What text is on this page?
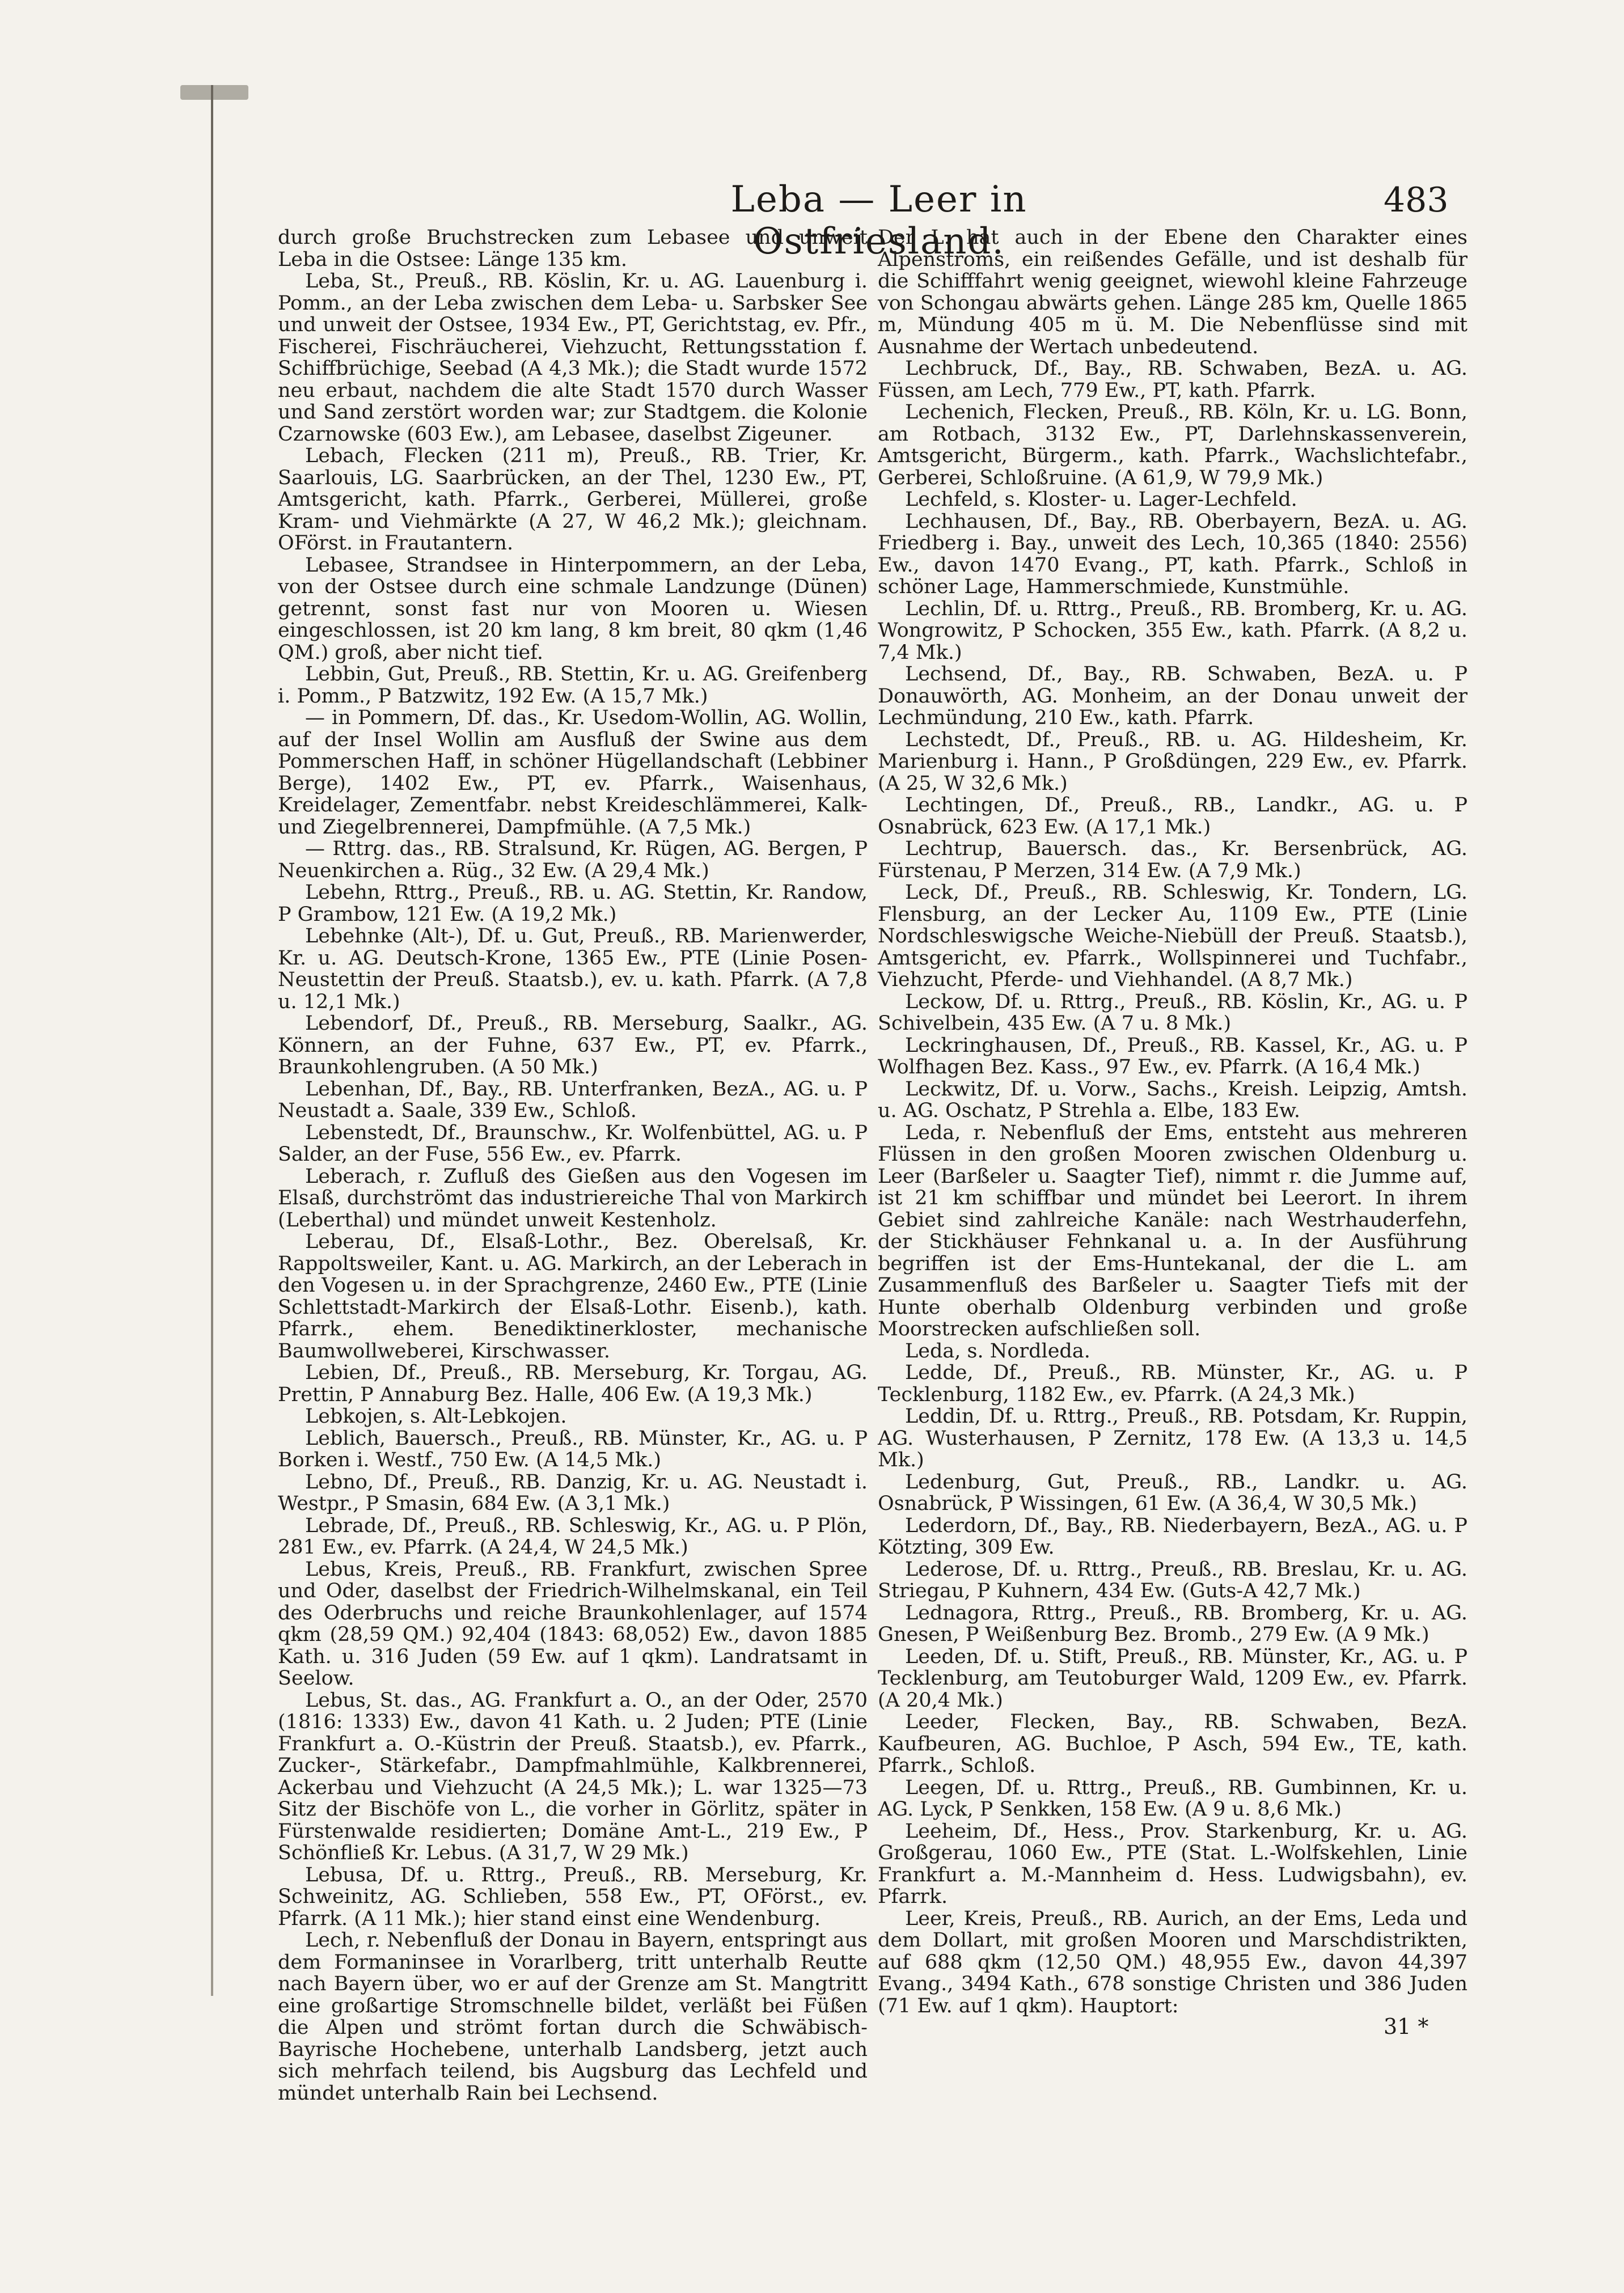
Leba — Leer in Ostfriesland.
483

durch große Bruchstrecken zum Lebasee und unweit Leba in die Ostsee: Länge 135 km.

Leba, St., Preuß., RB. Köslin, Kr. u. AG. Lauenburg i. Pomm., an der Leba zwischen dem Leba- u. Sarbsker See und unweit der Ostsee, 1934 Ew., PT, Gerichtstag, ev. Pfr., Fischerei, Fischräucherei, Viehzucht, Rettungsstation f. Schiffbrüchige, Seebad (A 4,3 Mk.); die Stadt wurde 1572 neu erbaut, nachdem die alte Stadt 1570 durch Wasser und Sand zerstört worden war; zur Stadtgem. die Kolonie Czarnowske (603 Ew.), am Lebasee, daselbst Zigeuner.

Lebach, Flecken (211 m), Preuß., RB. Trier, Kr. Saarlouis, LG. Saarbrücken, an der Thel, 1230 Ew., PT, Amtsgericht, kath. Pfarrk., Gerberei, Müllerei, große Kram- und Viehmärkte (A 27, W 46,2 Mk.); gleichnam. OFörst. in Frautantern.

Lebasee, Strandsee in Hinterpommern, an der Leba, von der Ostsee durch eine schmale Landzunge (Dünen) getrennt, sonst fast nur von Mooren u. Wiesen eingeschlossen, ist 20 km lang, 8 km breit, 80 qkm (1,46 QM.) groß, aber nicht tief.

Lebbin, Gut, Preuß., RB. Stettin, Kr. u. AG. Greifenberg i. Pomm., P Batzwitz, 192 Ew. (A 15,7 Mk.)

— in Pommern, Df. das., Kr. Usedom-Wollin, AG. Wollin, auf der Insel Wollin am Ausfluß der Swine aus dem Pommerschen Haff, in schöner Hügellandschaft (Lebbiner Berge), 1402 Ew., PT, ev. Pfarrk., Waisenhaus, Kreidelager, Zementfabr. nebst Kreideschlämmerei, Kalk- und Ziegelbrennerei, Dampfmühle. (A 7,5 Mk.)

— Rttrg. das., RB. Stralsund, Kr. Rügen, AG. Bergen, P Neuenkirchen a. Rüg., 32 Ew. (A 29,4 Mk.)

Lebehn, Rttrg., Preuß., RB. u. AG. Stettin, Kr. Randow, P Grambow, 121 Ew. (A 19,2 Mk.)

Lebehnke (Alt-), Df. u. Gut, Preuß., RB. Marienwerder, Kr. u. AG. Deutsch-Krone, 1365 Ew., PTE (Linie Posen-Neustettin der Preuß. Staatsb.), ev. u. kath. Pfarrk. (A 7,8 u. 12,1 Mk.)

Lebendorf, Df., Preuß., RB. Merseburg, Saalkr., AG. Könnern, an der Fuhne, 637 Ew., PT, ev. Pfarrk., Braunkohlengruben. (A 50 Mk.)

Lebenhan, Df., Bay., RB. Unterfranken, BezA., AG. u. P Neustadt a. Saale, 339 Ew., Schloß.

Lebenstedt, Df., Braunschw., Kr. Wolfenbüttel, AG. u. P Salder, an der Fuse, 556 Ew., ev. Pfarrk.

Leberach, r. Zufluß des Gießen aus den Vogesen im Elsaß, durchströmt das industriereiche Thal von Markirch (Leberthal) und mündet unweit Kestenholz.

Leberau, Df., Elsaß-Lothr., Bez. Oberelsaß, Kr. Rappoltsweiler, Kant. u. AG. Markirch, an der Leberach in den Vogesen u. in der Sprachgrenze, 2460 Ew., PTE (Linie Schlettstadt-Markirch der Elsaß-Lothr. Eisenb.), kath. Pfarrk., ehem. Benediktinerkloster, mechanische Baumwollweberei, Kirschwasser.

Lebien, Df., Preuß., RB. Merseburg, Kr. Torgau, AG. Prettin, P Annaburg Bez. Halle, 406 Ew. (A 19,3 Mk.)

Lebkojen, s. Alt-Lebkojen.

Leblich, Bauersch., Preuß., RB. Münster, Kr., AG. u. P Borken i. Westf., 750 Ew. (A 14,5 Mk.)

Lebno, Df., Preuß., RB. Danzig, Kr. u. AG. Neustadt i. Westpr., P Smasin, 684 Ew. (A 3,1 Mk.)

Lebrade, Df., Preuß., RB. Schleswig, Kr., AG. u. P Plön, 281 Ew., ev. Pfarrk. (A 24,4, W 24,5 Mk.)

Lebus, Kreis, Preuß., RB. Frankfurt, zwischen Spree und Oder, daselbst der Friedrich-Wilhelmskanal, ein Teil des Oderbruchs und reiche Braunkohlenlager, auf 1574 qkm (28,59 QM.) 92,404 (1843: 68,052) Ew., davon 1885 Kath. u. 316 Juden (59 Ew. auf 1 qkm). Landratsamt in Seelow.

Lebus, St. das., AG. Frankfurt a. O., an der Oder, 2570 (1816: 1333) Ew., davon 41 Kath. u. 2 Juden; PTE (Linie Frankfurt a. O.-Küstrin der Preuß. Staatsb.), ev. Pfarrk., Zucker-, Stärkefabr., Dampfmahlmühle, Kalkbrennerei, Ackerbau und Viehzucht (A 24,5 Mk.); L. war 1325—73 Sitz der Bischöfe von L., die vorher in Görlitz, später in Fürstenwalde residierten; Domäne Amt-L., 219 Ew., P Schönfließ Kr. Lebus. (A 31,7, W 29 Mk.)

Lebusa, Df. u. Rttrg., Preuß., RB. Merseburg, Kr. Schweinitz, AG. Schlieben, 558 Ew., PT, OFörst., ev. Pfarrk. (A 11 Mk.); hier stand einst eine Wendenburg.

Lech, r. Nebenfluß der Donau in Bayern, entspringt aus dem Formaninsee in Vorarlberg, tritt unterhalb Reutte nach Bayern über, wo er auf der Grenze am St. Mangtritt eine großartige Stromschnelle bildet, verläßt bei Füßen die Alpen und strömt fortan durch die Schwäbisch-Bayrische Hochebene, unterhalb Landsberg, jetzt auch sich mehrfach teilend, bis Augsburg das Lechfeld und mündet unterhalb Rain bei Lechsend.

Der L. hat auch in der Ebene den Charakter eines Alpenstroms, ein reißendes Gefälle, und ist deshalb für die Schifffahrt wenig geeignet, wiewohl kleine Fahrzeuge von Schongau abwärts gehen. Länge 285 km, Quelle 1865 m, Mündung 405 m ü. M. Die Nebenflüsse sind mit Ausnahme der Wertach unbedeutend.

Lechbruck, Df., Bay., RB. Schwaben, BezA. u. AG. Füssen, am Lech, 779 Ew., PT, kath. Pfarrk.

Lechenich, Flecken, Preuß., RB. Köln, Kr. u. LG. Bonn, am Rotbach, 3132 Ew., PT, Darlehnskassenverein, Amtsgericht, Bürgerm., kath. Pfarrk., Wachslichtefabr., Gerberei, Schloßruine. (A 61,9, W 79,9 Mk.)

Lechfeld, s. Kloster- u. Lager-Lechfeld.

Lechhausen, Df., Bay., RB. Oberbayern, BezA. u. AG. Friedberg i. Bay., unweit des Lech, 10,365 (1840: 2556) Ew., davon 1470 Evang., PT, kath. Pfarrk., Schloß in schöner Lage, Hammerschmiede, Kunstmühle.

Lechlin, Df. u. Rttrg., Preuß., RB. Bromberg, Kr. u. AG. Wongrowitz, P Schocken, 355 Ew., kath. Pfarrk. (A 8,2 u. 7,4 Mk.)

Lechsend, Df., Bay., RB. Schwaben, BezA. u. P Donauwörth, AG. Monheim, an der Donau unweit der Lechmündung, 210 Ew., kath. Pfarrk.

Lechstedt, Df., Preuß., RB. u. AG. Hildesheim, Kr. Marienburg i. Hann., P Großdüngen, 229 Ew., ev. Pfarrk. (A 25, W 32,6 Mk.)

Lechtingen, Df., Preuß., RB., Landkr., AG. u. P Osnabrück, 623 Ew. (A 17,1 Mk.)

Lechtrup, Bauersch. das., Kr. Bersenbrück, AG. Fürstenau, P Merzen, 314 Ew. (A 7,9 Mk.)

Leck, Df., Preuß., RB. Schleswig, Kr. Tondern, LG. Flensburg, an der Lecker Au, 1109 Ew., PTE (Linie Nordschleswigsche Weiche-Niebüll der Preuß. Staatsb.), Amtsgericht, ev. Pfarrk., Wollspinnerei und Tuchfabr., Viehzucht, Pferde- und Viehhandel. (A 8,7 Mk.)

Leckow, Df. u. Rttrg., Preuß., RB. Köslin, Kr., AG. u. P Schivelbein, 435 Ew. (A 7 u. 8 Mk.)

Leckringhausen, Df., Preuß., RB. Kassel, Kr., AG. u. P Wolfhagen Bez. Kass., 97 Ew., ev. Pfarrk. (A 16,4 Mk.)

Leckwitz, Df. u. Vorw., Sachs., Kreish. Leipzig, Amtsh. u. AG. Oschatz, P Strehla a. Elbe, 183 Ew.

Leda, r. Nebenfluß der Ems, entsteht aus mehreren Flüssen in den großen Mooren zwischen Oldenburg u. Leer (Barßeler u. Saagter Tief), nimmt r. die Jumme auf, ist 21 km schiffbar und mündet bei Leerort. In ihrem Gebiet sind zahlreiche Kanäle: nach Westrhauderfehn, der Stickhäuser Fehnkanal u. a. In der Ausführung begriffen ist der Ems-Huntekanal, der die L. am Zusammenfluß des Barßeler u. Saagter Tiefs mit der Hunte oberhalb Oldenburg verbinden und große Moorstrecken aufschließen soll.

Leda, s. Nordleda.

Ledde, Df., Preuß., RB. Münster, Kr., AG. u. P Tecklenburg, 1182 Ew., ev. Pfarrk. (A 24,3 Mk.)

Leddin, Df. u. Rttrg., Preuß., RB. Potsdam, Kr. Ruppin, AG. Wusterhausen, P Zernitz, 178 Ew. (A 13,3 u. 14,5 Mk.)

Ledenburg, Gut, Preuß., RB., Landkr. u. AG. Osnabrück, P Wissingen, 61 Ew. (A 36,4, W 30,5 Mk.)

Lederdorn, Df., Bay., RB. Niederbayern, BezA., AG. u. P Kötzting, 309 Ew.

Lederose, Df. u. Rttrg., Preuß., RB. Breslau, Kr. u. AG. Striegau, P Kuhnern, 434 Ew. (Guts-A 42,7 Mk.)

Lednagora, Rttrg., Preuß., RB. Bromberg, Kr. u. AG. Gnesen, P Weißenburg Bez. Bromb., 279 Ew. (A 9 Mk.)

Leeden, Df. u. Stift, Preuß., RB. Münster, Kr., AG. u. P Tecklenburg, am Teutoburger Wald, 1209 Ew., ev. Pfarrk. (A 20,4 Mk.)

Leeder, Flecken, Bay., RB. Schwaben, BezA. Kaufbeuren, AG. Buchloe, P Asch, 594 Ew., TE, kath. Pfarrk., Schloß.

Leegen, Df. u. Rttrg., Preuß., RB. Gumbinnen, Kr. u. AG. Lyck, P Senkken, 158 Ew. (A 9 u. 8,6 Mk.)

Leeheim, Df., Hess., Prov. Starkenburg, Kr. u. AG. Großgerau, 1060 Ew., PTE (Stat. L.-Wolfskehlen, Linie Frankfurt a. M.-Mannheim d. Hess. Ludwigsbahn), ev. Pfarrk.

Leer, Kreis, Preuß., RB. Aurich, an der Ems, Leda und dem Dollart, mit großen Mooren und Marschdistrikten, auf 688 qkm (12,50 QM.) 48,955 Ew., davon 44,397 Evang., 3494 Kath., 678 sonstige Christen und 386 Juden (71 Ew. auf 1 qkm). Hauptort:

31 *
